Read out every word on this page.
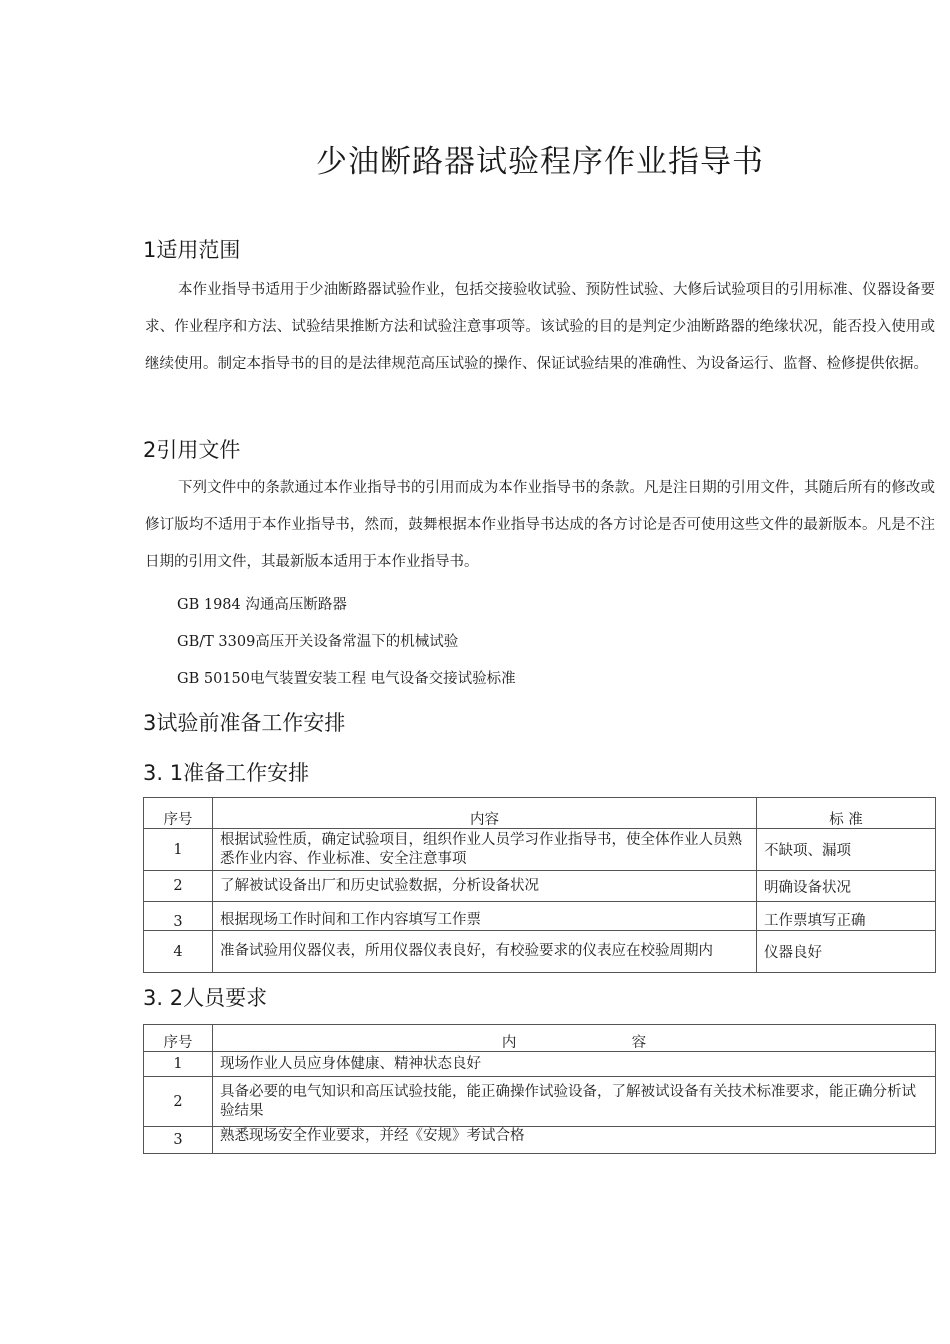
少油断路器试验程序作业指导书
1适用范围
本作业指导书适用于少油断路器试验作业，包括交接验收试验、预防性试验、大修后试验项目的引用标准、仪器设备要求、作业程序和方法、试验结果推断方法和试验注意事项等。该试验的目的是判定少油断路器的绝缘状况，能否投入使用或继续使用。制定本指导书的目的是法律规范高压试验的操作、保证试验结果的准确性、为设备运行、监督、检修提供依据。
2引用文件
下列文件中的条款通过本作业指导书的引用而成为本作业指导书的条款。凡是注日期的引用文件，其随后所有的修改或修订版均不适用于本作业指导书，然而，鼓舞根据本作业指导书达成的各方讨论是否可使用这些文件的最新版本。凡是不注日期的引用文件，其最新版本适用于本作业指导书。
GB 1984 沟通高压断路器
GB/T 3309高压开关设备常温下的机械试验
GB 50150电气装置安装工程 电气设备交接试验标准
3试验前准备工作安排
3. 1准备工作安排
序号	内容	标 准
1	根据试验性质，确定试验项目，组织作业人员学习作业指导书，使全体作业人员熟悉作业内容、作业标准、安全注意事项	不缺项、漏项
2	了解被试设备出厂和历史试验数据，分析设备状况	明确设备状况
3	根据现场工作时间和工作内容填写工作票	工作票填写正确
4	准备试验用仪器仪表，所用仪器仪表良好，有校验要求的仪表应在校验周期内	仪器良好
3. 2人员要求
序号	内                         容
1	现场作业人员应身体健康、精神状态良好
2	具备必要的电气知识和高压试验技能，能正确操作试验设备，了解被试设备有关技术标准要求，能正确分析试验结果
3	熟悉现场安全作业要求，并经《安规》考试合格
